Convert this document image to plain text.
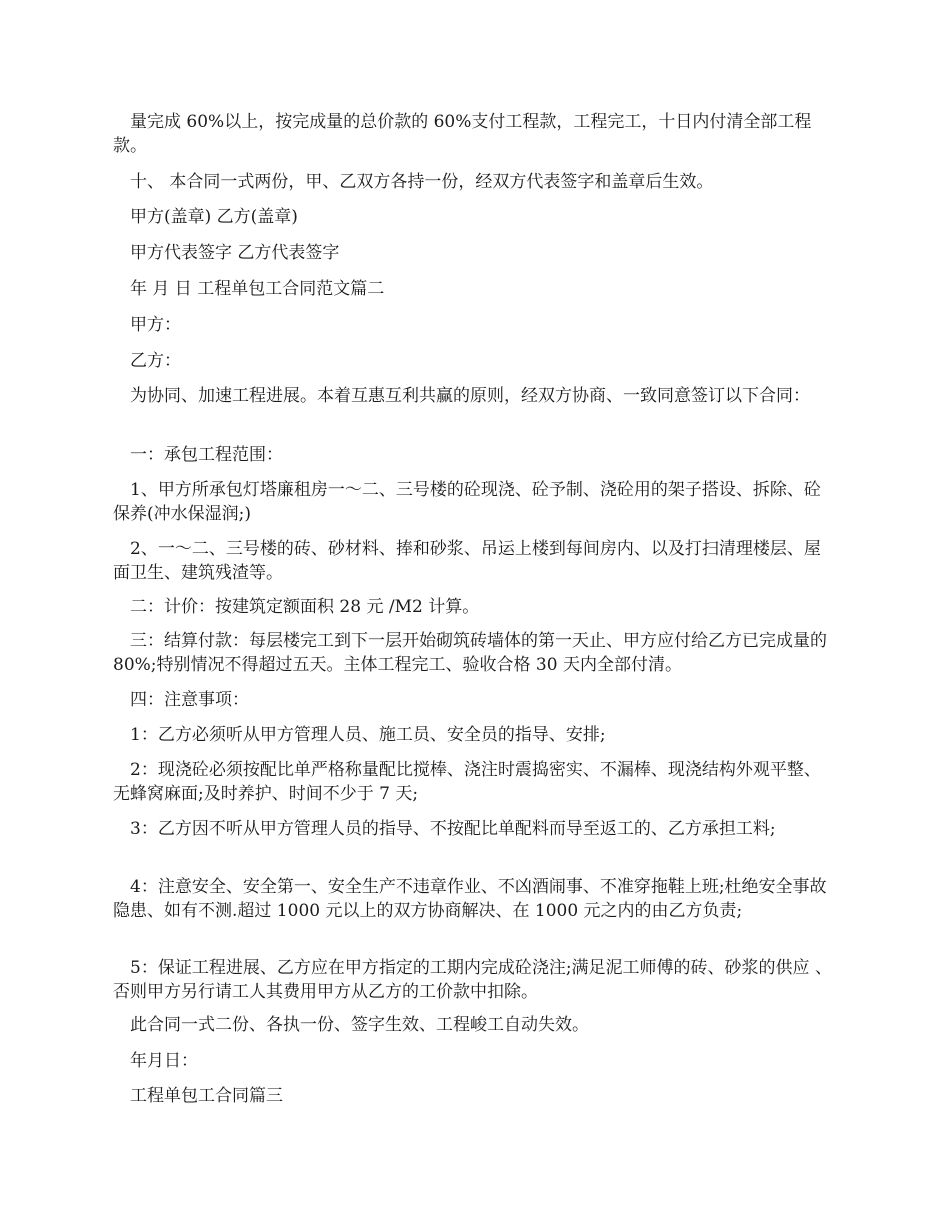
　量完成 60%以上，按完成量的总价款的 60%支付工程款，工程完工，十日内付清全部工程款。

　十、 本合同一式两份，甲、乙双方各持一份，经双方代表签字和盖章后生效。

　甲方(盖章) 乙方(盖章)

　甲方代表签字 乙方代表签字

　年 月 日 工程单包工合同范文篇二

　甲方：

　乙方：

　为协同、加速工程进展。本着互惠互利共赢的原则，经双方协商、一致同意签订以下合同：

　一：承包工程范围：

　1、甲方所承包灯塔廉租房一～二、三号楼的砼现浇、砼予制、浇砼用的架子搭设、拆除、砼保养(冲水保湿润;)

　2、一～二、三号楼的砖、砂材料、捧和砂浆、吊运上楼到每间房内、以及打扫清理楼层、屋面卫生、建筑残渣等。

　二：计价：按建筑定额面积 28 元 /M2 计算。

　三：结算付款：每层楼完工到下一层开始砌筑砖墙体的第一天止、甲方应付给乙方已完成量的 80%;特别情况不得超过五天。主体工程完工、验收合格 30 天内全部付清。

　四：注意事项：

　1：乙方必须听从甲方管理人员、施工员、安全员的指导、安排;

　2：现浇砼必须按配比单严格称量配比搅棒、浇注时震捣密实、不漏棒、现浇结构外观平整、无蜂窝麻面;及时养护、时间不少于 7 天;

　3：乙方因不听从甲方管理人员的指导、不按配比单配料而导至返工的、乙方承担工料;

　4：注意安全、安全第一、安全生产不违章作业、不凶酒闹事、不准穿拖鞋上班;杜绝安全事故隐患、如有不测.超过 1000 元以上的双方协商解决、在 1000 元之内的由乙方负责;

　5：保证工程进展、乙方应在甲方指定的工期内完成砼浇注;满足泥工师傅的砖、砂浆的供应 、否则甲方另行请工人其费用甲方从乙方的工价款中扣除。

　此合同一式二份、各执一份、签字生效、工程峻工自动失效。

　年月日：

　工程单包工合同篇三
